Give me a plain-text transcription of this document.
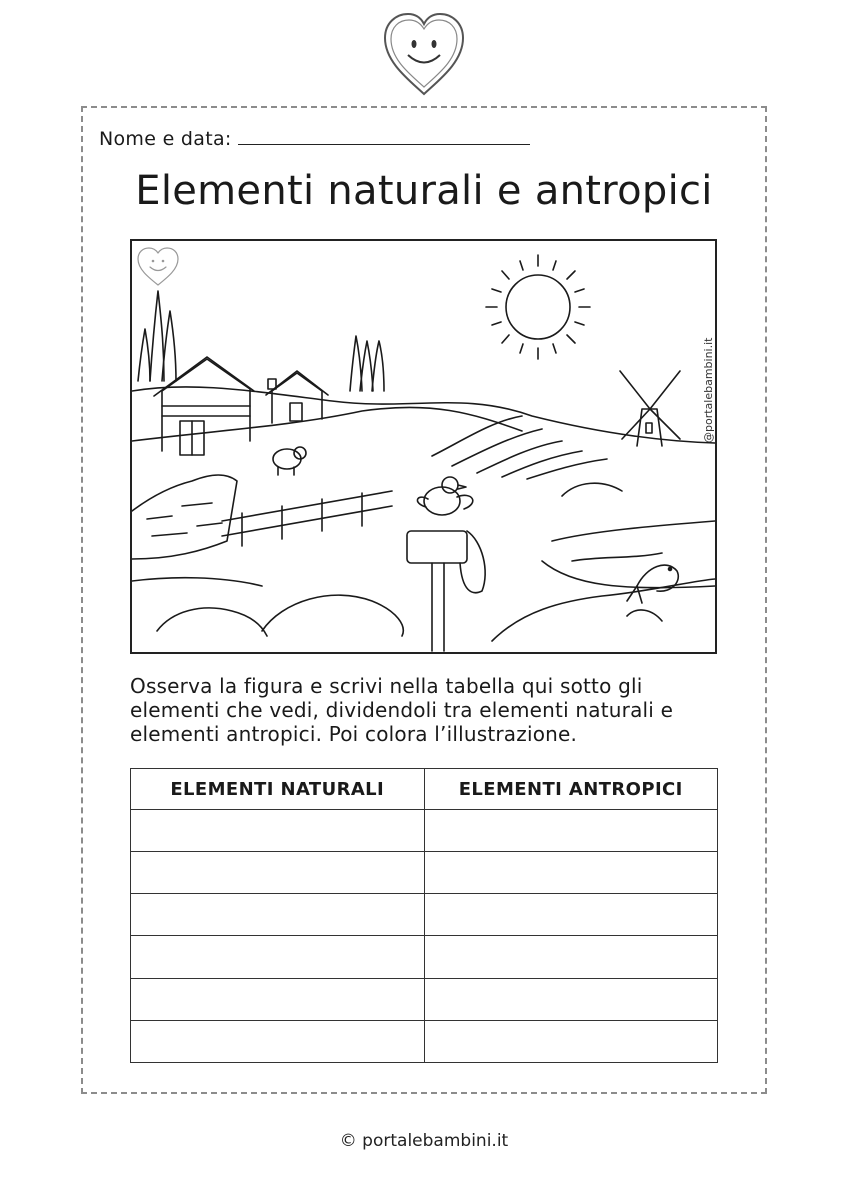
Nome e data:
Elementi naturali e antropici
@portalebambini.it

Osserva la figura e scrivi nella tabella qui sotto gli elementi che vedi, dividendoli tra elementi naturali e elementi antropici. Poi colora l’illustrazione.

ELEMENTI NATURALI	ELEMENTI ANTROPICI

© portalebambini.it
